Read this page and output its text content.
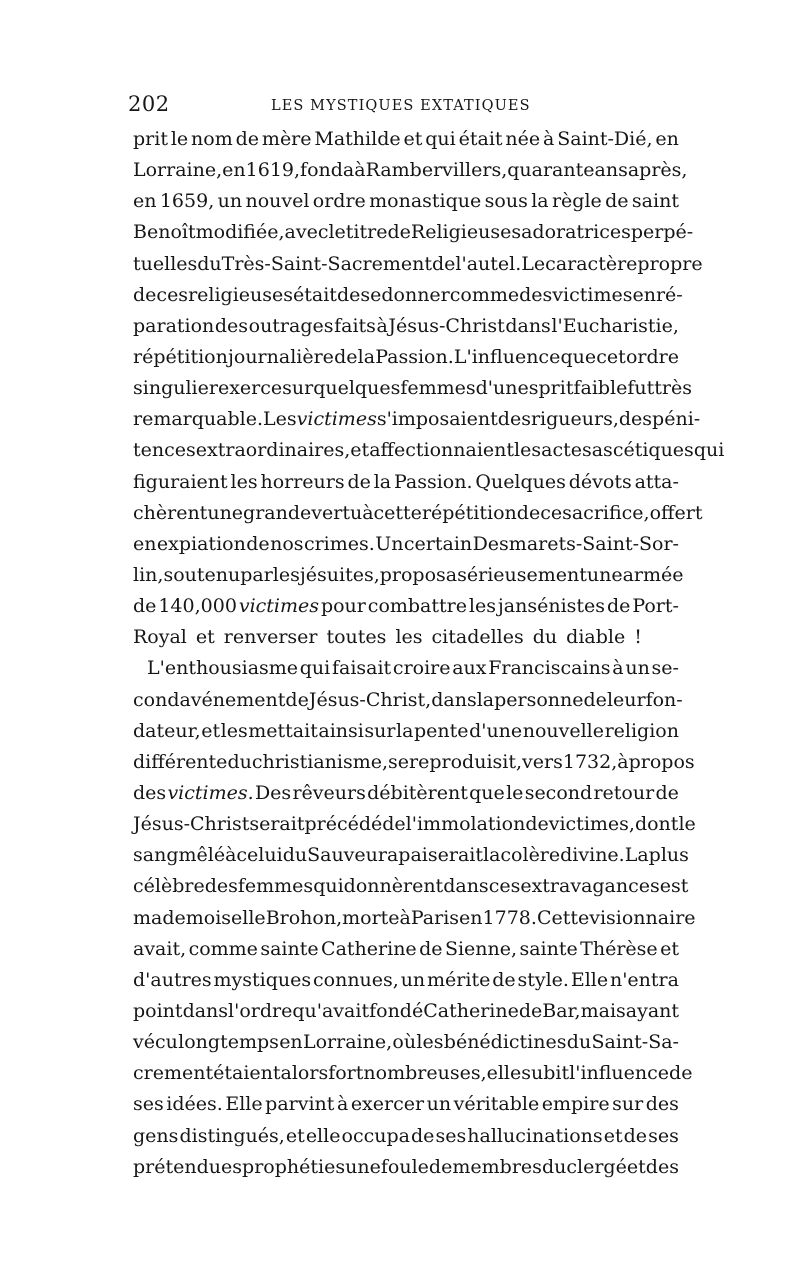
202	LES MYSTIQUES EXTATIQUES
prit le nom de mère Mathilde et qui était née à Saint-Dié, en
Lorraine, en 1619, fonda à Rambervillers, quarante ans après,
en 1659, un nouvel ordre monastique sous la règle de saint
Benoît modifiée, avec le titre de Religieuses adoratrices perpé-
tuelles du Très-Saint-Sacrement de l'autel. Le caractère propre
de ces religieuses était de se donner comme des victimes en ré-
paration des outrages faits à Jésus-Christ dans l'Eucharistie,
répétition journalière de la Passion. L'influence que cet ordre
singulier exerce sur quelques femmes d'un esprit faible fut très
remarquable. Les victimes s'imposaient des rigueurs, des péni-
tences extraordinaires, et affectionnaient les actes ascétiques qui
figuraient les horreurs de la Passion. Quelques dévots atta-
chèrent une grande vertu à cette répétition de ce sacrifice, offert
en expiation de nos crimes. Un certain Desmarets-Saint-Sor-
lin, soutenu par les jésuites, proposa sérieusement une armée
de 140,000 victimes pour combattre les jansénistes de Port-
Royal et renverser toutes les citadelles du diable !
L'enthousiasme qui faisait croire aux Franciscains à un se-
cond avénement de Jésus-Christ, dans la personne de leur fon-
dateur, et les mettait ainsi sur la pente d'une nouvelle religion
différente du christianisme, se reproduisit, vers 1732, à propos
des victimes. Des rêveurs débitèrent que le second retour de
Jésus-Christ serait précédé de l'immolation de victimes, dont le
sang mêlé à celui du Sauveur apaiserait la colère divine. La plus
célèbre des femmes qui donnèrent dans ces extravagances est
mademoiselle Brohon, morte à Paris en 1778. Cette visionnaire
avait, comme sainte Catherine de Sienne, sainte Thérèse et
d'autres mystiques connues, un mérite de style. Elle n'entra
point dans l'ordre qu'avait fondé Catherine de Bar, mais ayant
vécu longtemps en Lorraine, où les bénédictines du Saint-Sa-
crement étaient alors fort nombreuses, elle subit l'influence de
ses idées. Elle parvint à exercer un véritable empire sur des
gens distingués, et elle occupa de ses hallucinations et de ses
prétendues prophéties une foule de membres du clergé et des
